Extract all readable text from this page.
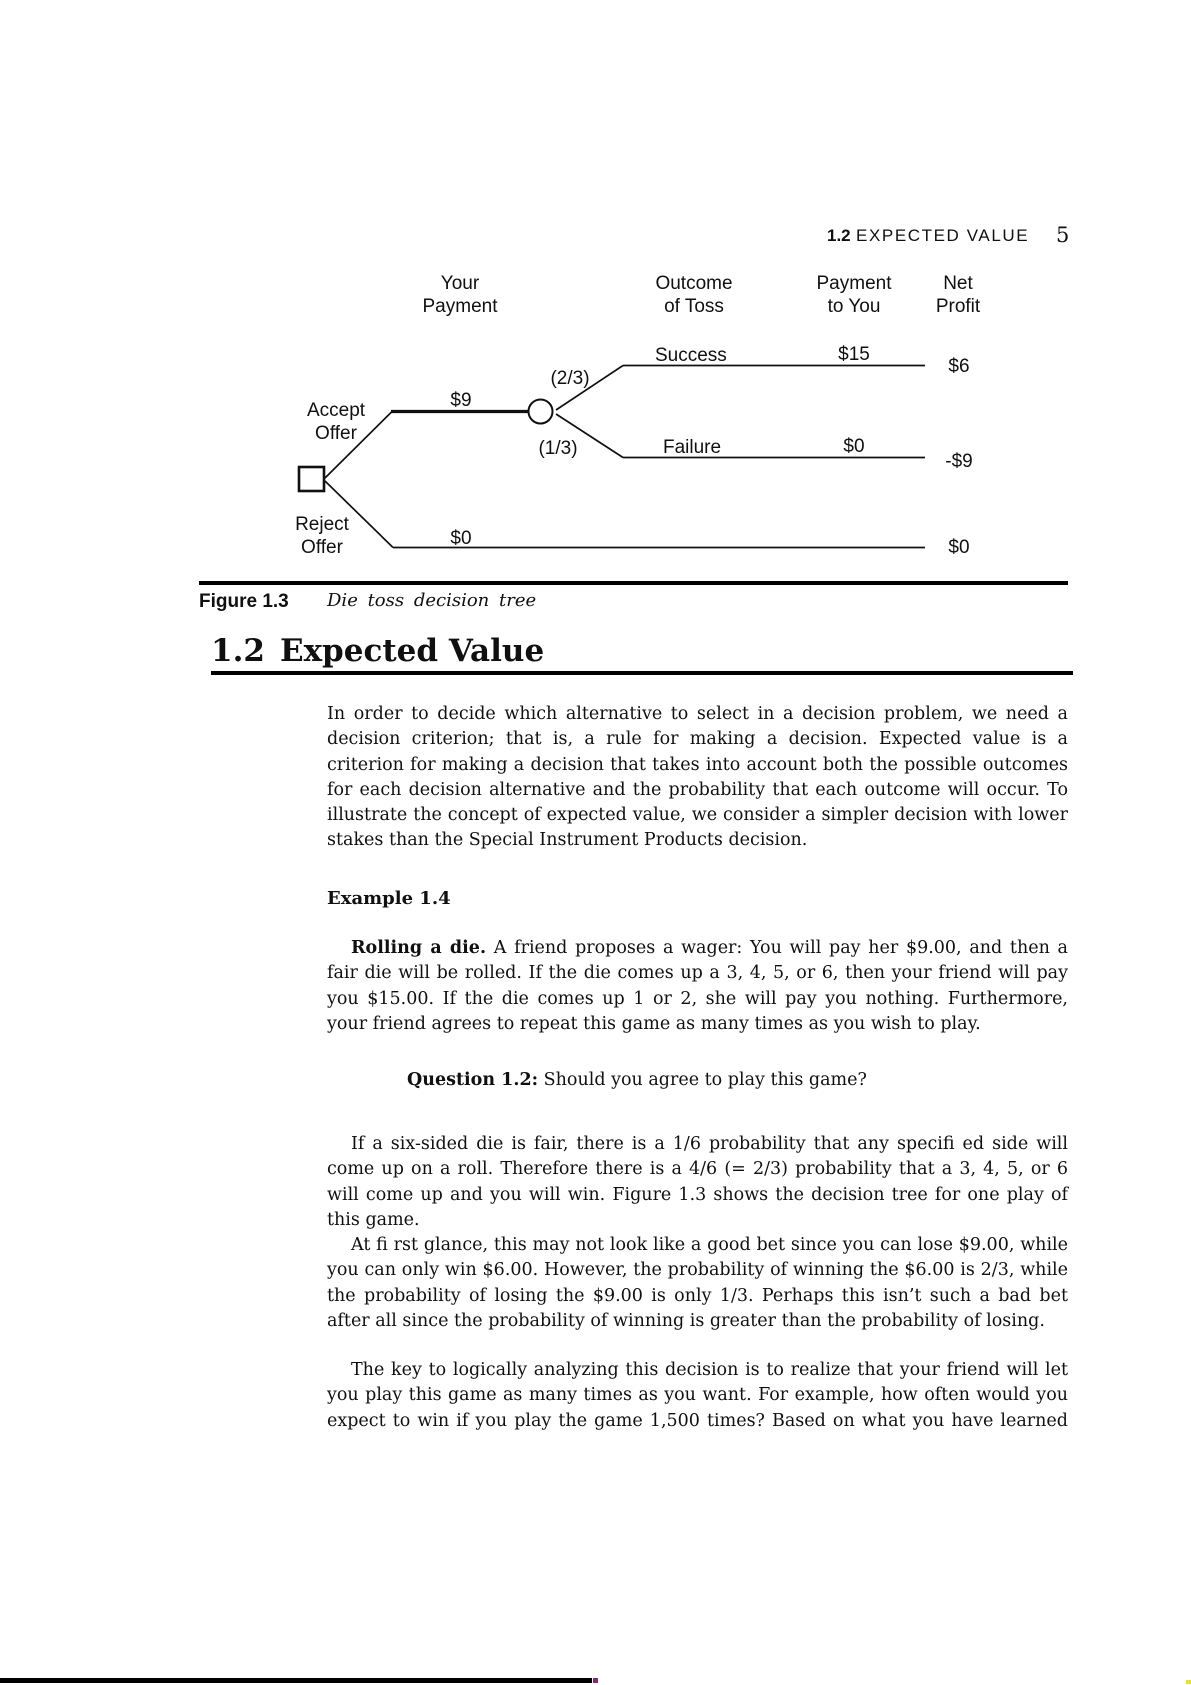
1.2 EXPECTED VALUE 5
Your
Payment
Outcome
of Toss
Payment
to You
Net
Profit
Accept
Offer
Reject
Offer
$9
$0
(2/3)
(1/3)
Success
Failure
$15
$0
$6
-$9
$0
Figure 1.3 Die toss decision tree
1.2 Expected Value
In order to decide which alternative to select in a decision problem, we need a decision criterion; that is, a rule for making a decision. Expected value is a criterion for making a decision that takes into account both the possible outcomes for each decision alternative and the probability that each outcome will occur. To illustrate the concept of expected value, we consider a simpler decision with lower stakes than the Special Instrument Products decision.
Example 1.4
Rolling a die. A friend proposes a wager: You will pay her $9.00, and then a fair die will be rolled. If the die comes up a 3, 4, 5, or 6, then your friend will pay you $15.00. If the die comes up 1 or 2, she will pay you nothing. Furthermore, your friend agrees to repeat this game as many times as you wish to play.
Question 1.2: Should you agree to play this game?
If a six-sided die is fair, there is a 1/6 probability that any specifi ed side will come up on a roll. Therefore there is a 4/6 (= 2/3) probability that a 3, 4, 5, or 6 will come up and you will win. Figure 1.3 shows the decision tree for one play of this game.
At fi rst glance, this may not look like a good bet since you can lose $9.00, while you can only win $6.00. However, the probability of winning the $6.00 is 2/3, while the probability of losing the $9.00 is only 1/3. Perhaps this isn’t such a bad bet after all since the probability of winning is greater than the probability of losing.
The key to logically analyzing this decision is to realize that your friend will let you play this game as many times as you want. For example, how often would you expect to win if you play the game 1,500 times? Based on what you have learned
